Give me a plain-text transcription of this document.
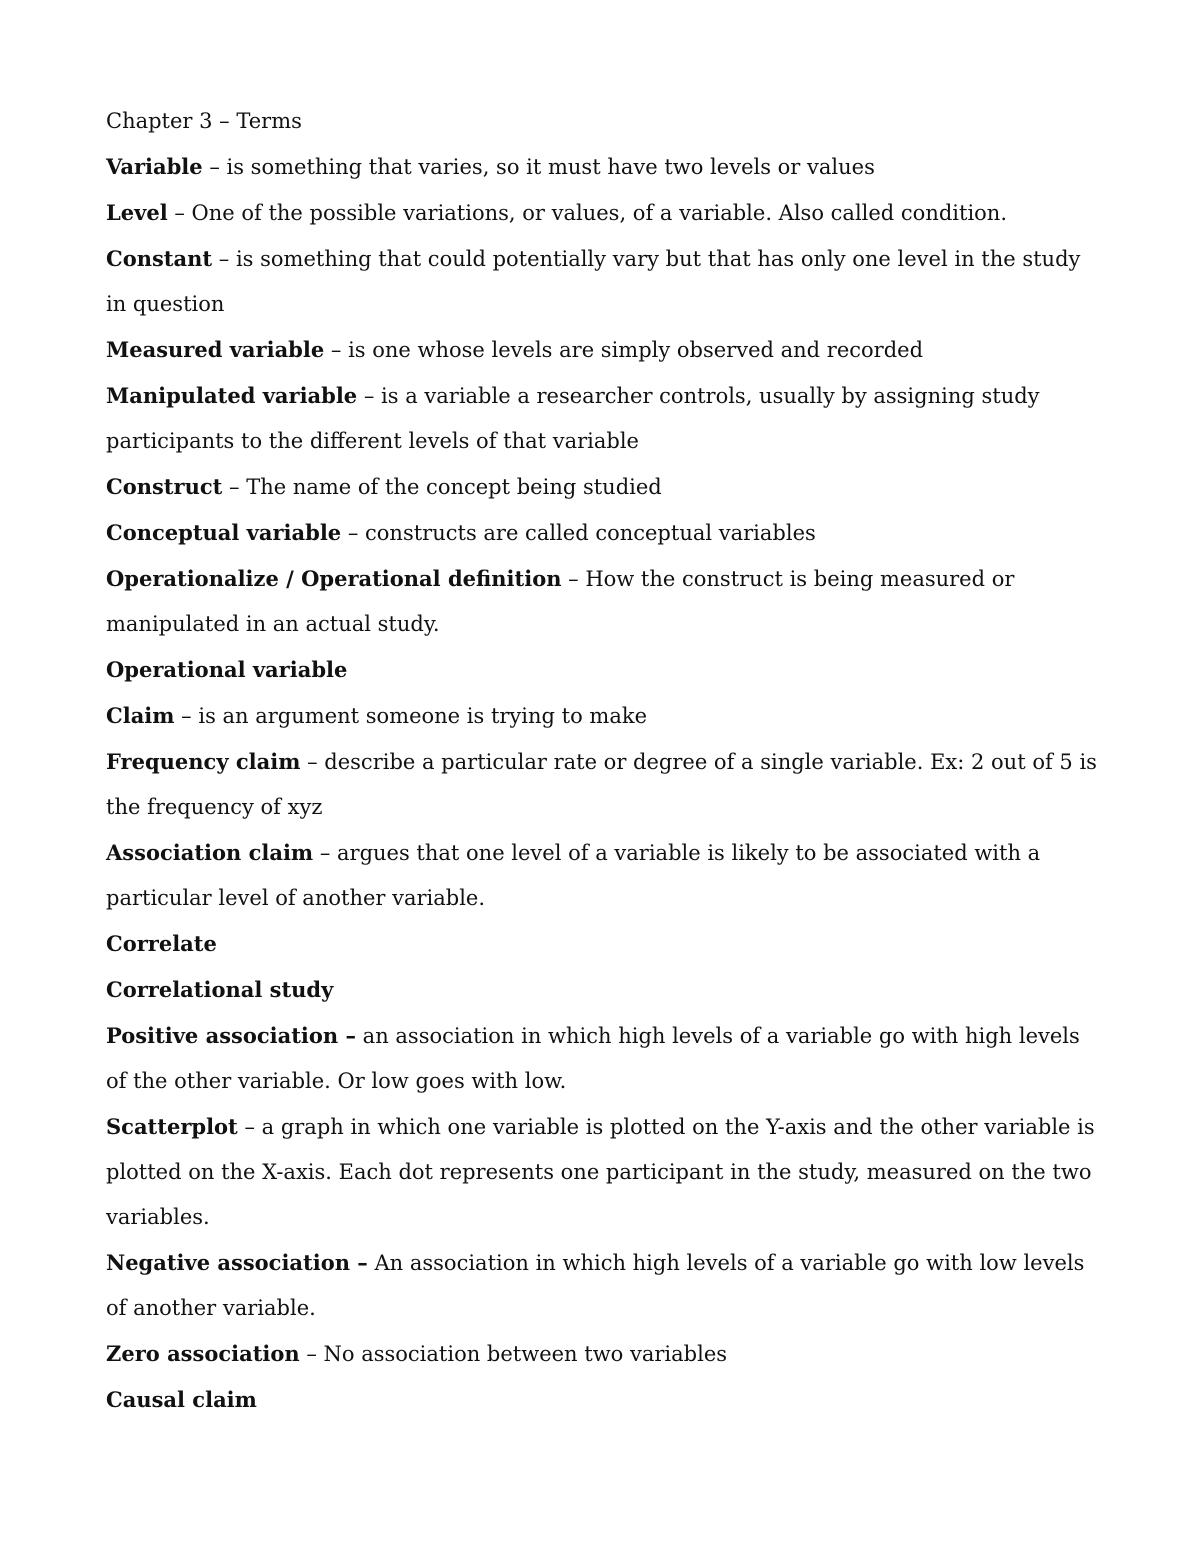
Chapter 3 – Terms

Variable – is something that varies, so it must have two levels or values

Level – One of the possible variations, or values, of a variable. Also called condition.

Constant – is something that could potentially vary but that has only one level in the study in question

Measured variable – is one whose levels are simply observed and recorded

Manipulated variable – is a variable a researcher controls, usually by assigning study participants to the different levels of that variable

Construct – The name of the concept being studied

Conceptual variable – constructs are called conceptual variables

Operationalize / Operational definition – How the construct is being measured or manipulated in an actual study.

Operational variable

Claim – is an argument someone is trying to make

Frequency claim – describe a particular rate or degree of a single variable. Ex: 2 out of 5 is the frequency of xyz

Association claim – argues that one level of a variable is likely to be associated with a particular level of another variable.

Correlate

Correlational study

Positive association – an association in which high levels of a variable go with high levels of the other variable. Or low goes with low.

Scatterplot – a graph in which one variable is plotted on the Y-axis and the other variable is plotted on the X-axis. Each dot represents one participant in the study, measured on the two variables.

Negative association – An association in which high levels of a variable go with low levels of another variable.

Zero association – No association between two variables

Causal claim
